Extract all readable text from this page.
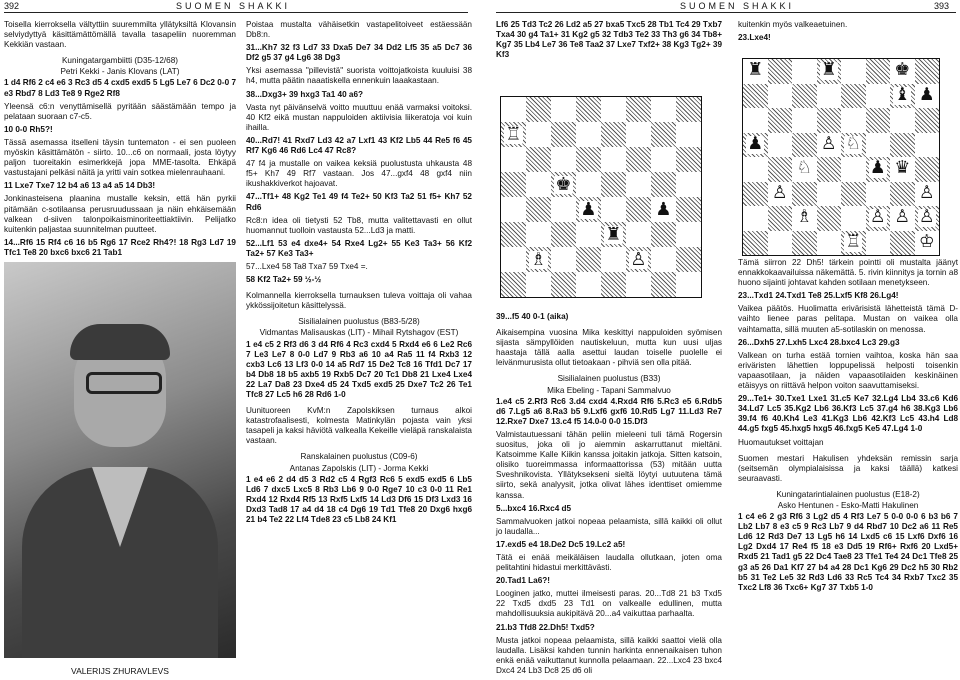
392	SUOMEN SHAKKI	SUOMEN SHAKKI	393

Toisella kierroksella vältyttiin suuremmilta yllätyksiltä Klovansin selviydyttyä käsittämättömällä tavalla tasapeliin nuoremman Kekkiän vastaan.

Kuningatargambiitti (D35-12/68)

Petri Kekki - Janis Klovans (LAT)

1 d4 Rf6 2 c4 e6 3 Rc3 d5 4 cxd5 exd5 5 Lg5 Le7 6 Dc2 0-0 7 e3 Rbd7 8 Ld3 Te8 9 Rge2 Rf8

Yleensä c6:n venyttämisellä pyritään säästämään tempo ja pelataan suoraan c7-c5.

10 0-0 Rh5?!

Tässä asemassa itselleni täysin tuntematon - ei sen puoleen myöskin käsittämätön - siirto. 10...c6 on normaali, josta löytyy paljon tuoreitakin esimerkkejä jopa MME-tasolta. Ehkäpä vastustajani pelkäsi näitä ja yritti vain sotkea mielenrauhaani.

11 Lxe7 Txe7 12 b4 a6 13 a4 a5 14 Db3!

Jonkinasteisena plaanina mustalle keksin, että hän pyrkii pitämään c-sotilaansa perusruudussaan ja näin ehkäisemään valkean d-siiven talonpoikaisminoriteettiaktiivin. Pelijatko kuitenkin paljastaa suunnitelman puutteet.

14...Rf6 15 Rf4 c6 16 b5 Rg6 17 Rce2 Rh4?! 18 Rg3 Ld7 19 Tfc1 Te8 20 bxc6 bxc6 21 Tab1

Poistaa mustalta vähäisetkin vastapelitoiveet estäessään Db8:n.

31...Kh7 32 f3 Ld7 33 Dxa5 De7 34 Dd2 Lf5 35 a5 Dc7 36 Df2 g5 37 g4 Lg6 38 Dg3

Yksi asemassa "pillevistä" suorista voittojatkoista kuuluisi 38 h4, mutta päätin naaatiskella ennenkuin laaakastaan.

38...Dxg3+ 39 hxg3 Ta1 40 a6?

Vasta nyt päivänselvä voitto muuttuu enää varmaksi voitoksi. 40 Kf2 eikä mustan nappuloiden aktiivisia liikeratoja voi kuin ihailla.

40...Rd7! 41 Rxd7 Ld3 42 a7 Lxf1 43 Kf2 Lb5 44 Re5 f6 45 Rf7 Kg6 46 Rd6 Lc4 47 Rc8?

47 f4 ja mustalle on vaikea keksiä puolustusta uhkausta 48 f5+ Kh7 49 Rf7 vastaan. Jos 47...gxf4 48 gxf4 niin ikushakkiverkot hajoavat.

47...Tf1+ 48 Kg2 Te1 49 f4 Te2+ 50 Kf3 Ta2 51 f5+ Kh7 52 Rd6

Rc8:n idea oli tietysti 52 Tb8, mutta valitettavasti en ollut huomannut tuolloin vastausta 52...Ld3 ja matti.

52...Lf1 53 e4 dxe4+ 54 Rxe4 Lg2+ 55 Ke3 Ta3+ 56 Kf2 Ta2+ 57 Ke3 Ta3+

57...Lxe4 58 Ta8 Txa7 59 Txe4 =.

58 Kf2 Ta2+ 59 ½-½

Kolmannella kierroksella turnauksen tuleva voittaja oli vahaa ykkössijoitetun käsittelyssä.

Sisilialainen puolustus (B83-5/28)

Vidmantas Malisauskas (LIT) - Mihail Rytshagov (EST)

1 e4 c5 2 Rf3 d6 3 d4 Rf6 4 Rc3 cxd4 5 Rxd4 e6 6 Le2 Rc6 7 Le3 Le7 8 0-0 Ld7 9 Rb3 a6 10 a4 Ra5 11 f4 Rxb3 12 cxb3 Lc6 13 Lf3 0-0 14 a5 Rd7 15 De2 Tc8 16 Tfd1 Dc7 17 b4 Db8 18 b5 axb5 19 Rxb5 Dc7 20 Tc1 Db8 21 Lxe4 Lxe4 22 La7 Da8 23 Dxe4 d5 24 Txd5 exd5 25 Dxe7 Tc2 26 Te1 Tfc8 27 Lc5 h6 28 Rd6 1-0

Uunituoreen KvM:n Zapolskiksen turnaus alkoi katastrofaalisesti, kolmesta Matinkylän pojasta vain yksi tasapeli ja kaksi häviötä valkealla Kekeille vieläpä ranskalaista vastaan.

Ranskalainen puolustus (C09-6)

Antanas Zapolskis (LIT) - Jorma Kekki

1 e4 e6 2 d4 d5 3 Rd2 c5 4 Rgf3 Rc6 5 exd5 exd5 6 Lb5 Ld6 7 dxc5 Lxc5 8 Rb3 Lb6 9 0-0 Rge7 10 c3 0-0 11 Re1 Rxd4 12 Rxd4 Rf5 13 Rxf5 Lxf5 14 Ld3 Df6 15 Df3 Lxd3 16 Dxd3 Tad8 17 a4 d4 18 c4 Dg6 19 Td1 Tfe8 20 Dxg6 hxg6 21 b4 Te2 22 Lf4 Tde8 23 c5 Lb8 24 Kf1

Lf6 25 Td3 Tc2 26 Ld2 a5 27 bxa5 Txc5 28 Tb1 Tc4 29 Txb7 Txa4 30 g4 Ta1+ 31 Kg2 g5 32 Tdb3 Te2 33 Th3 g6 34 Tb8+ Kg7 35 Lb4 Le7 36 Te8 Taa2 37 Lxe7 Txf2+ 38 Kg3 Tg2+ 39 Kf3

39...f5 40 0-1 (aika)

Aikaisempina vuosina Mika keskittyi nappuloiden syömisen sijasta sämpyllöiden nautiskeluun, mutta kun uusi uljas haastaja tällä aalla asettui laudan toiselle puolelle ei leivänmurusista ollut tietoakaan - pihviä sen olla pitää.

Sisilialainen puolustus (B33)

Mika Ebeling - Tapani Sammalvuo

1.e4 c5 2.Rf3 Rc6 3.d4 cxd4 4.Rxd4 Rf6 5.Rc3 e5 6.Rdb5 d6 7.Lg5 a6 8.Ra3 b5 9.Lxf6 gxf6 10.Rd5 Lg7 11.Ld3 Re7 12.Rxe7 Dxe7 13.c4 f5 14.0-0 0-0 15.Df3

Valmistautuessani tähän peliin mieleeni tuli tämä Rogersin suositus, joka oli jo aiemmin askarruttanut mieltäni. Katsoimme Kalle Kiikin kanssa joitakin jatkoja. Sitten katsoin, olisiko tuoreimmassa informaattorissa (53) mitään uutta Sveshnikovista. Yllätyksekseni sieltä löytyi uutuutena tämä siirto, sekä analyysit, jotka olivat lähes identtiset omiemme kanssa.

5...bxc4 16.Rxc4 d5

Sammalvuoken jatkoi nopeaa pelaamista, sillä kaikki oli ollut jo laudalla...

17.exd5 e4 18.De2 Dc5 19.Lc2 a5!

Tätä ei enää meikäläisen laudalla ollutkaan, joten oma pelitahtini hidastui merkittävästi.

20.Tad1 La6?!

Looginen jatko, muttei ilmeisesti paras. 20...Td8 21 b3 Txd5 22 Txd5 dxd5 23 Td1 on valkealle edullinen, mutta mahdollisuuksia aukipitävä 20...a4 vaikuttaa parhaalta.

21.b3 Tfd8 22.Dh5! Txd5?

Musta jatkoi nopeaa pelaamista, sillä kaikki saattoi vielä olla laudalla. Lisäksi kahden tunnin harkinta ennenaikaisen tuhon enkä enää vaikuttanut kunnolla pelaamaan. 22...Lxc4 23 bxc4 Dxc4 24 Lb3 Dc8 25 d6 oli

kuitenkin myös valkeaetuinen.

23.Lxe4!

Tämä siirron 22 Dh5! tärkein pointti oli mustalta jäänyt ennakkokaavailuissa näkemättä. 5. rivin kiinnitys ja tornin a8 huono sijainti johtavat kahden sotilaan menetykseen.

23...Txd1 24.Txd1 Te8 25.Lxf5 Kf8 26.Lg4!

Vaikea päätös. Huolimatta erivärisistä lähetteistä tämä D-vaihto lienee paras pelitapa. Mustan on vaikea olla vaihtamatta, sillä muuten a5-sotilaskin on menossa.

26...Dxh5 27.Lxh5 Lxc4 28.bxc4 Lc3 29.g3

Valkean on turha estää tornien vaihtoa, koska hän saa eriväristen lähettien loppupelissä helposti toisenkin vapaasotilaan, ja näiden vapaasotilaiden keskinäinen etäisyys on riittävä helpon voiton saavuttamiseksi.

29...Te1+ 30.Txe1 Lxe1 31.c5 Ke7 32.Lg4 Lb4 33.c6 Kd6 34.Ld7 Lc5 35.Kg2 Lb6 36.Kf3 Lc5 37.g4 h6 38.Kg3 Lb6 39.f4 f6 40.Kh4 Le3 41.Kg3 Lb6 42.Kf3 Lc5 43.h4 Ld8 44.g5 fxg5 45.hxg5 hxg5 46.fxg5 Ke5 47.Lg4 1-0

Huomautukset voittajan

Suomen mestari Hakulisen yhdeksän remissin sarja (seitsemän olympialaisissa ja kaksi täällä) katkesi seuraavasti.

Kuningatarintialainen puolustus (E18-2)

Asko Hentunen - Esko-Matti Hakulinen

1 c4 e6 2 g3 Rf6 3 Lg2 d5 4 Rf3 Le7 5 0-0 0-0 6 b3 b6 7 Lb2 Lb7 8 e3 c5 9 Rc3 Lb7 9 d4 Rbd7 10 Dc2 a6 11 Re5 Ld6 12 Rd3 De7 13 Lg5 h6 14 Lxd5 c6 15 Lxf6 Dxf6 16 Lg2 Dxd4 17 Re4 f5 18 e3 Dd5 19 Rf6+ Rxf6 20 Lxd5+ Rxd5 21 Tad1 g5 22 Dc4 Tae8 23 Tfe1 Te4 24 Dc1 Tfe8 25 g3 a5 26 Da1 Kf7 27 b4 a4 28 Dc1 Kg6 29 Dc2 h5 30 Rb2 b5 31 Te2 Le5 32 Rd3 Ld6 33 Rc5 Tc4 34 Rxb7 Txc2 35 Txc2 Lf8 36 Txc6+ Kg7 37 Txb5 1-0

VALERIJS ZHURAVLEVS
♖
♚
♟	♟
♜
♗	♙
♜	♜	♚
♝ ♟
♟	♙ ♘
♘	♟ ♛
♙	♙
♗	♙ ♙ ♙
♖	♔
